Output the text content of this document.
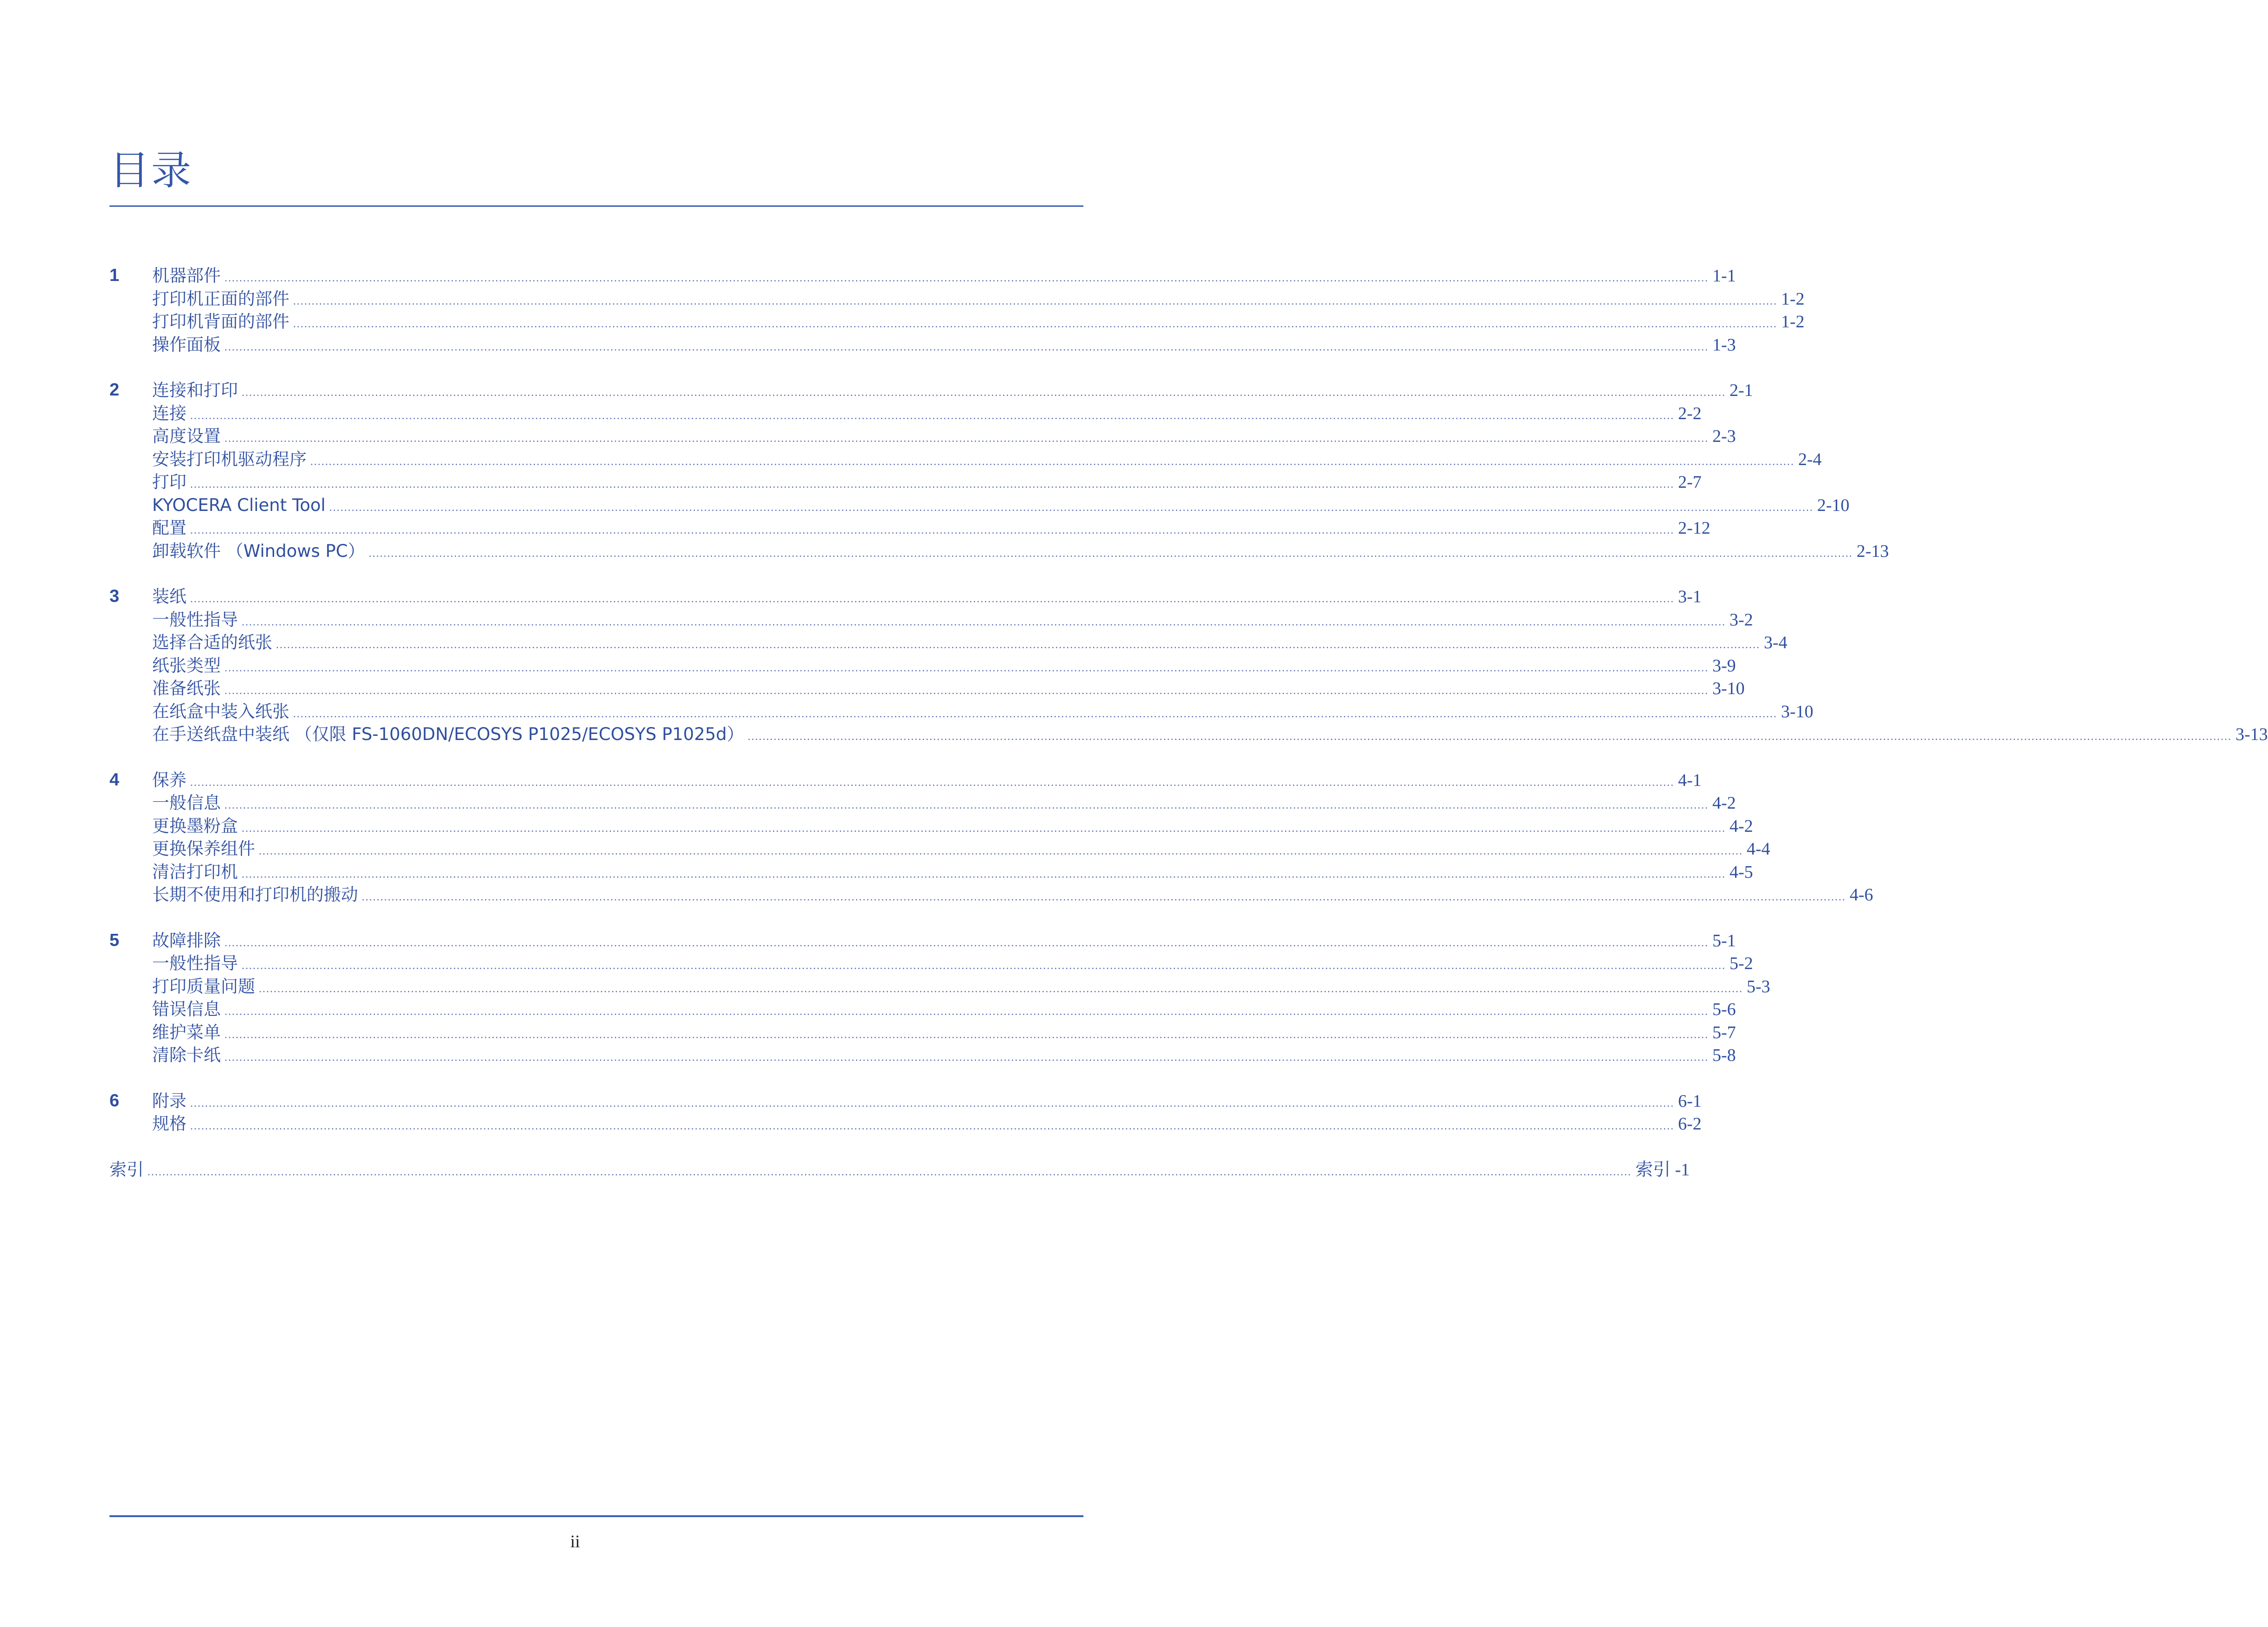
目录
1	机器部件 ................................................................................................................................................................................................................................................................................................................................................................................................................ 1-1
打印机正面的部件 ................................................................................................................................................................................................................................................................................................................................................................................................................ 1-2
打印机背面的部件 ................................................................................................................................................................................................................................................................................................................................................................................................................ 1-2
操作面板 ................................................................................................................................................................................................................................................................................................................................................................................................................ 1-3
2	连接和打印 ................................................................................................................................................................................................................................................................................................................................................................................................................ 2-1
连接 ................................................................................................................................................................................................................................................................................................................................................................................................................ 2-2
高度设置 ................................................................................................................................................................................................................................................................................................................................................................................................................ 2-3
安装打印机驱动程序 ................................................................................................................................................................................................................................................................................................................................................................................................................ 2-4
打印 ................................................................................................................................................................................................................................................................................................................................................................................................................ 2-7
KYOCERA Client Tool ................................................................................................................................................................................................................................................................................................................................................................................................................ 2-10
配置 ................................................................................................................................................................................................................................................................................................................................................................................................................ 2-12
卸载软件 （Windows PC） ................................................................................................................................................................................................................................................................................................................................................................................................................ 2-13
3	装纸 ................................................................................................................................................................................................................................................................................................................................................................................................................ 3-1
一般性指导 ................................................................................................................................................................................................................................................................................................................................................................................................................ 3-2
选择合适的纸张 ................................................................................................................................................................................................................................................................................................................................................................................................................ 3-4
纸张类型 ................................................................................................................................................................................................................................................................................................................................................................................................................ 3-9
准备纸张 ................................................................................................................................................................................................................................................................................................................................................................................................................ 3-10
在纸盒中装入纸张 ................................................................................................................................................................................................................................................................................................................................................................................................................ 3-10
在手送纸盘中装纸 （仅限 FS-1060DN/ECOSYS P1025/ECOSYS P1025d） ................................................................................................................................................................................................................................................................................................................................................................................................................ 3-13
4	保养 ................................................................................................................................................................................................................................................................................................................................................................................................................ 4-1
一般信息 ................................................................................................................................................................................................................................................................................................................................................................................................................ 4-2
更换墨粉盒 ................................................................................................................................................................................................................................................................................................................................................................................................................ 4-2
更换保养组件 ................................................................................................................................................................................................................................................................................................................................................................................................................ 4-4
清洁打印机 ................................................................................................................................................................................................................................................................................................................................................................................................................ 4-5
长期不使用和打印机的搬动 ................................................................................................................................................................................................................................................................................................................................................................................................................ 4-6
5	故障排除 ................................................................................................................................................................................................................................................................................................................................................................................................................ 5-1
一般性指导 ................................................................................................................................................................................................................................................................................................................................................................................................................ 5-2
打印质量问题 ................................................................................................................................................................................................................................................................................................................................................................................................................ 5-3
错误信息 ................................................................................................................................................................................................................................................................................................................................................................................................................ 5-6
维护菜单 ................................................................................................................................................................................................................................................................................................................................................................................................................ 5-7
清除卡纸 ................................................................................................................................................................................................................................................................................................................................................................................................................ 5-8
6	附录 ................................................................................................................................................................................................................................................................................................................................................................................................................ 6-1
规格 ................................................................................................................................................................................................................................................................................................................................................................................................................ 6-2
索引 ................................................................................................................................................................................................................................................................................................................................................................................................................ 索引 -1
ii
